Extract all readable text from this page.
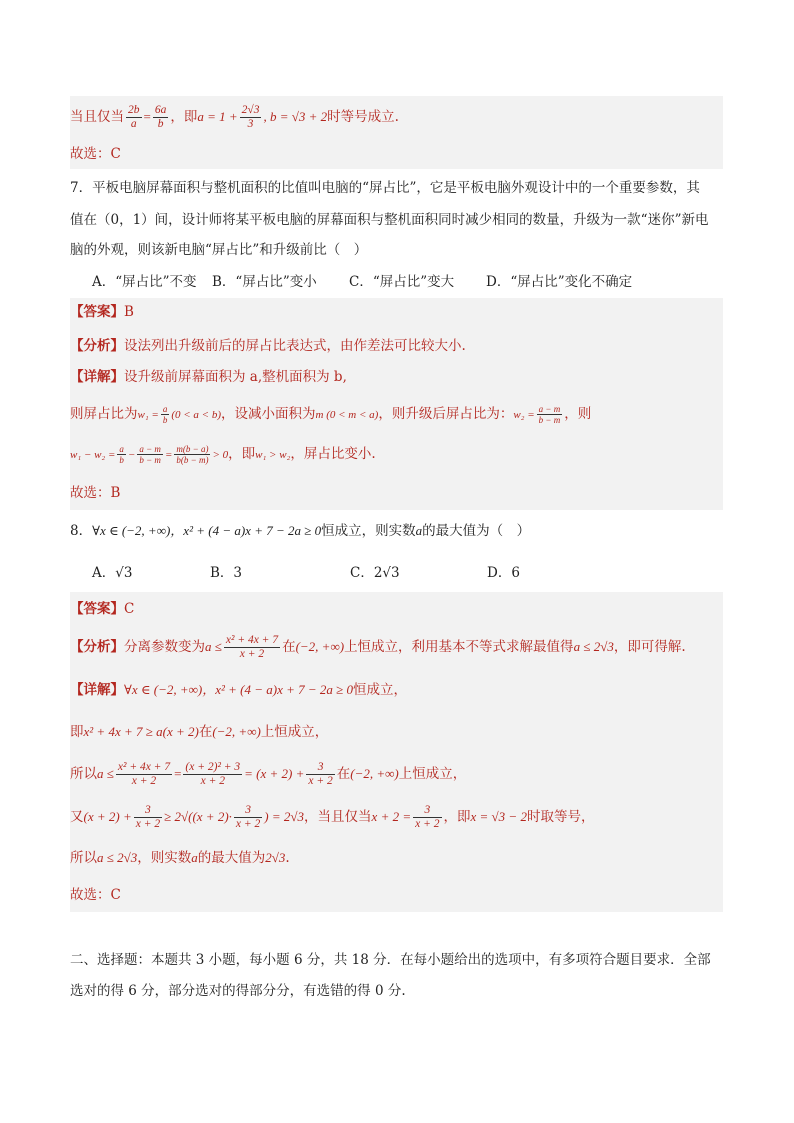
当且仅当 $\frac{2b}{a} = \frac{6a}{b}$ ，即$a = 1 + \frac{2√3}{3}$ , b = √3 + 2时等号成立.
故选：C
7．平板电脑屏幕面积与整机面积的比值叫电脑的“屏占比”，它是平板电脑外观设计中的一个重要参数，其
值在（0，1）间，设计师将某平板电脑的屏幕面积与整机面积同时减少相同的数量，升级为一款“迷你”新电
脑的外观，则该新电脑“屏占比”和升级前比（　）
A．“屏占比”不变 B．“屏占比”变小 C．“屏占比”变大 D．“屏占比”变化不确定
【答案】B
【分析】设法列出升级前后的屏占比表达式，由作差法可比较大小.
【详解】设升级前屏幕面积为 a,整机面积为 b,
则屏占比为$w_1 = \frac{a}{b} (0 < a < b)$，设减小面积为m (0 < m < a)，则升级后屏占比为：$w_2 = \frac{a - m}{b - m}$ ，则
$w_1 - w_2 = \frac{a}{b} - \frac{a - m}{b - m} = \frac{m(b - a)}{b(b - m)} > 0$，即w₁ > w₂，屏占比变小.
故选：B
8．∀x ∈ (−2, +∞)，x² + (4 − a)x + 7 − 2a ≥ 0恒成立，则实数a的最大值为（　）
A．√3	B．3	C．2√3	D．6
【答案】C
【分析】分离参数变为$a \le \frac{\text{x² + 4x + 7}}{x + 2}$ 在(−2, +∞)上恒成立，利用基本不等式求解最值得a ≤ 2√3，即可得解.
【详解】∀x ∈ (−2, +∞)，x² + (4 − a)x + 7 − 2a ≥ 0恒成立，
即x² + 4x + 7 ≥ a(x + 2)在(−2, +∞)上恒成立，
所以$a \le \frac{\text{x² + 4x + 7}}{x + 2} = \frac{\text{(x + 2)² + 3}}{x + 2} = (x + 2) + \frac{3}{x + 2}$ 在(−2, +∞)上恒成立，
又$(x + 2) + \frac{3}{x + 2} \ge 2√((x + 2)\cdot \frac{3}{x + 2}$ ) = 2√3，当且仅当$x + 2 = \frac{3}{x + 2}$ ，即x = √3 − 2时取等号，
所以a ≤ 2√3，则实数a的最大值为2√3.
故选：C
二、选择题：本题共 3 小题，每小题 6 分，共 18 分．在每小题给出的选项中，有多项符合题目要求．全部
选对的得 6 分，部分选对的得部分分，有选错的得 0 分.
